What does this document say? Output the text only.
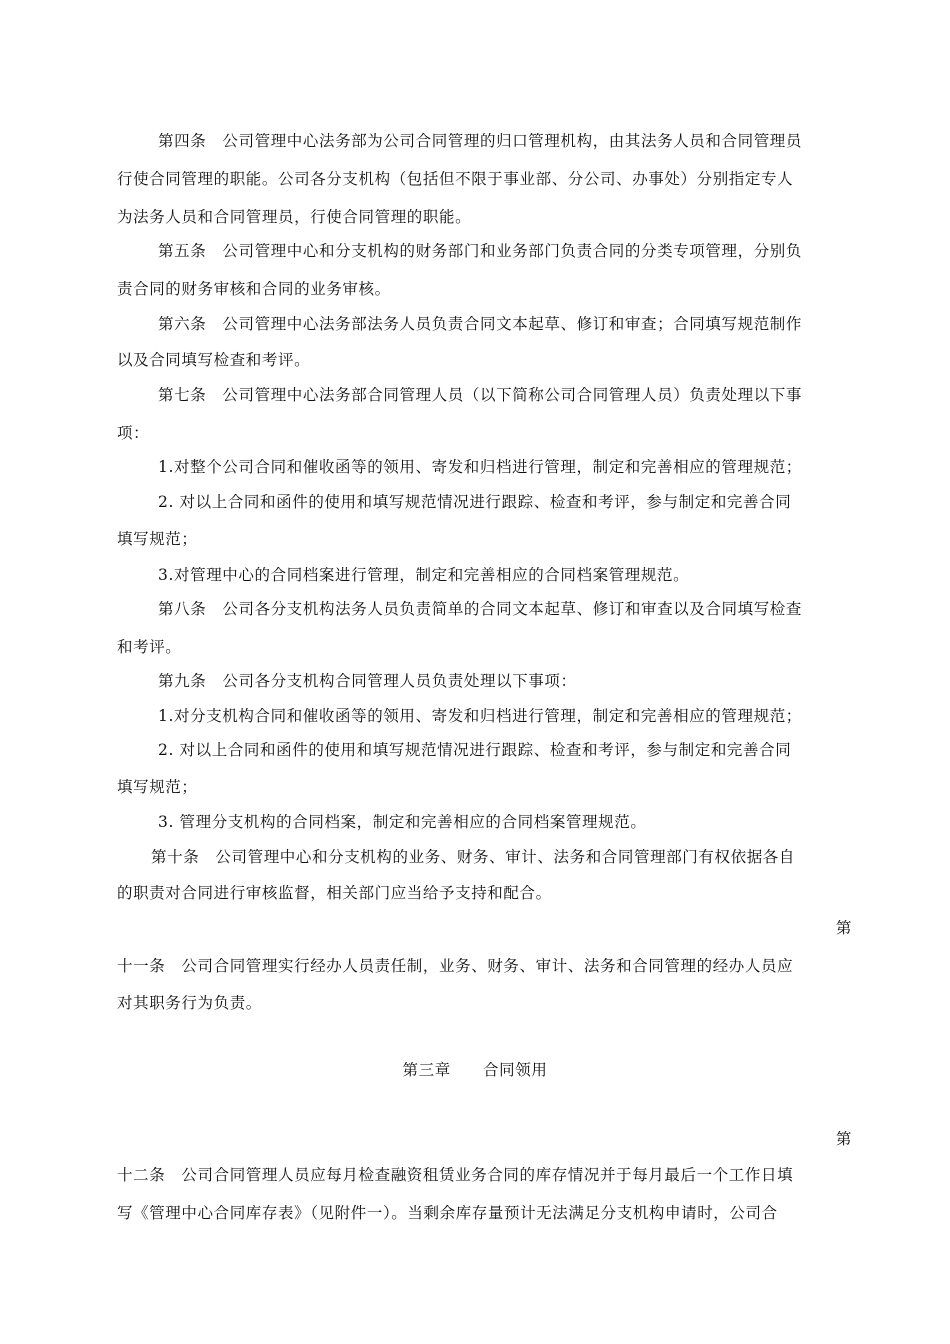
第四条　公司管理中心法务部为公司合同管理的归口管理机构，由其法务人员和合同管理员
行使合同管理的职能。公司各分支机构（包括但不限于事业部、分公司、办事处）分别指定专人
为法务人员和合同管理员，行使合同管理的职能。
第五条　公司管理中心和分支机构的财务部门和业务部门负责合同的分类专项管理，分别负
责合同的财务审核和合同的业务审核。
第六条　公司管理中心法务部法务人员负责合同文本起草、修订和审查；合同填写规范制作
以及合同填写检查和考评。
第七条　公司管理中心法务部合同管理人员（以下简称公司合同管理人员）负责处理以下事
项：
1.对整个公司合同和催收函等的领用、寄发和归档进行管理，制定和完善相应的管理规范；
2. 对以上合同和函件的使用和填写规范情况进行跟踪、检查和考评，参与制定和完善合同
填写规范；
3.对管理中心的合同档案进行管理，制定和完善相应的合同档案管理规范。
第八条　公司各分支机构法务人员负责简单的合同文本起草、修订和审查以及合同填写检查
和考评。
第九条　公司各分支机构合同管理人员负责处理以下事项：
1.对分支机构合同和催收函等的领用、寄发和归档进行管理，制定和完善相应的管理规范；
2. 对以上合同和函件的使用和填写规范情况进行跟踪、检查和考评，参与制定和完善合同
填写规范；
3. 管理分支机构的合同档案，制定和完善相应的合同档案管理规范。
第十条　公司管理中心和分支机构的业务、财务、审计、法务和合同管理部门有权依据各自
的职责对合同进行审核监督，相关部门应当给予支持和配合。
第
十一条　公司合同管理实行经办人员责任制，业务、财务、审计、法务和合同管理的经办人员应
对其职务行为负责。
第三章　　合同领用
第
十二条　公司合同管理人员应每月检查融资租赁业务合同的库存情况并于每月最后一个工作日填
写《管理中心合同库存表》（见附件一）。当剩余库存量预计无法满足分支机构申请时，公司合
